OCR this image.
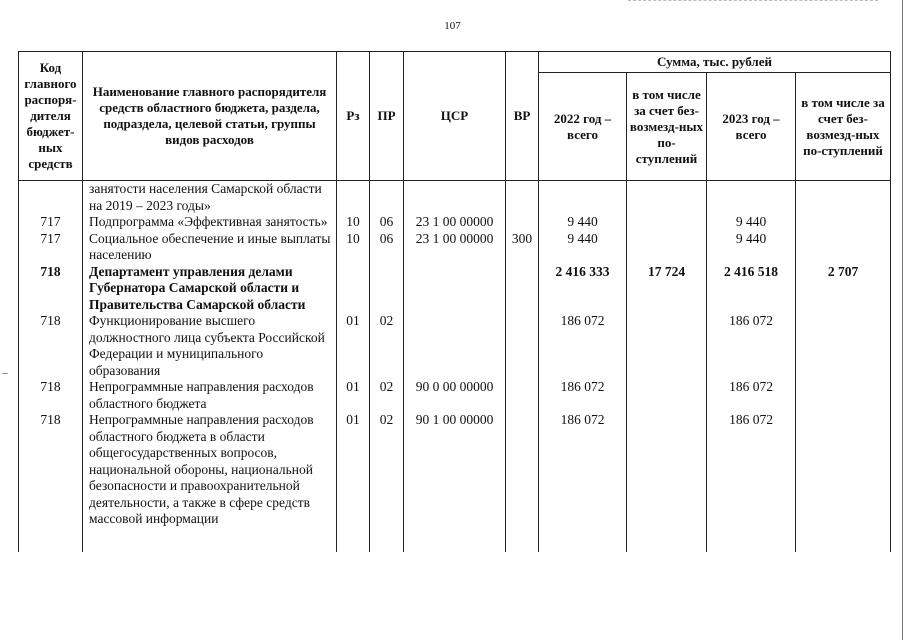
107
Код главного распоря-дителя бюджет-ных средств	Наименование главного распорядителя средств областного бюджета, раздела, подраздела, целевой статьи, группы видов расходов	Рз	ПР	ЦСР	ВР	Сумма, тыс. рублей			
						2022 год – всего	в том числе за счет без-возмезд-ных по-ступлений	2023 год – всего	в том числе за счет без-возмезд-ных по-ступлений
	занятости населения Самарской области на 2019 – 2023 годы»								
717	Подпрограмма «Эффективная занятость»	10	06	23 1 00 00000		9 440		9 440	
717	Социальное обеспечение и иные выплаты населению	10	06	23 1 00 00000	300	9 440		9 440	
718	Департамент управления делами Губернатора Самарской области и Правительства Самарской области					2 416 333	17 724	2 416 518	2 707
718	Функционирование высшего должностного лица субъекта Российской Федерации и муниципального образования	01	02			186 072		186 072	
718	Непрограммные направления расходов областного бюджета	01	02	90 0 00 00000		186 072		186 072	
718	Непрограммные направления расходов областного бюджета в области общегосударственных вопросов, национальной обороны, национальной безопасности и правоохранительной деятельности, а также в сфере средств массовой информации	01	02	90 1 00 00000		186 072		186 072	
